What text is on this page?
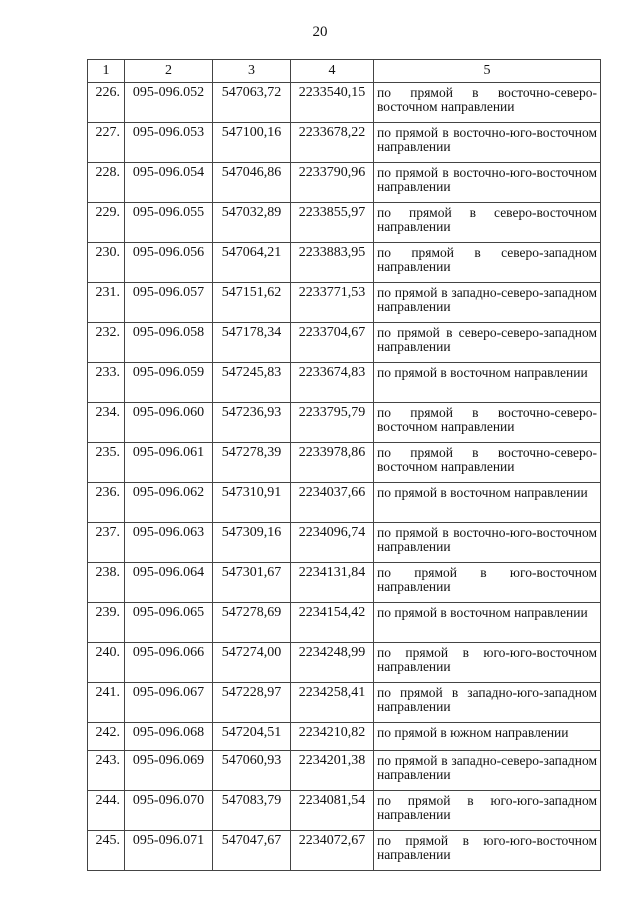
20
1	2	3	4	5
226.	095-096.052	547063,72	2233540,15	по прямой в восточно-северо-восточном направлении
227.	095-096.053	547100,16	2233678,22	по прямой в восточно-юго-восточном направлении
228.	095-096.054	547046,86	2233790,96	по прямой в восточно-юго-восточном направлении
229.	095-096.055	547032,89	2233855,97	по прямой в северо-восточном направлении
230.	095-096.056	547064,21	2233883,95	по прямой в северо-западном направлении
231.	095-096.057	547151,62	2233771,53	по прямой в западно-северо-западном направлении
232.	095-096.058	547178,34	2233704,67	по прямой в северо-северо-западном направлении
233.	095-096.059	547245,83	2233674,83	по прямой в восточном направлении
234.	095-096.060	547236,93	2233795,79	по прямой в восточно-северо-восточном направлении
235.	095-096.061	547278,39	2233978,86	по прямой в восточно-северо-восточном направлении
236.	095-096.062	547310,91	2234037,66	по прямой в восточном направлении
237.	095-096.063	547309,16	2234096,74	по прямой в восточно-юго-восточном направлении
238.	095-096.064	547301,67	2234131,84	по прямой в юго-восточном направлении
239.	095-096.065	547278,69	2234154,42	по прямой в восточном направлении
240.	095-096.066	547274,00	2234248,99	по прямой в юго-юго-восточном направлении
241.	095-096.067	547228,97	2234258,41	по прямой в западно-юго-западном направлении
242.	095-096.068	547204,51	2234210,82	по прямой в южном направлении
243.	095-096.069	547060,93	2234201,38	по прямой в западно-северо-западном направлении
244.	095-096.070	547083,79	2234081,54	по прямой в юго-юго-западном направлении
245.	095-096.071	547047,67	2234072,67	по прямой в юго-юго-восточном направлении
